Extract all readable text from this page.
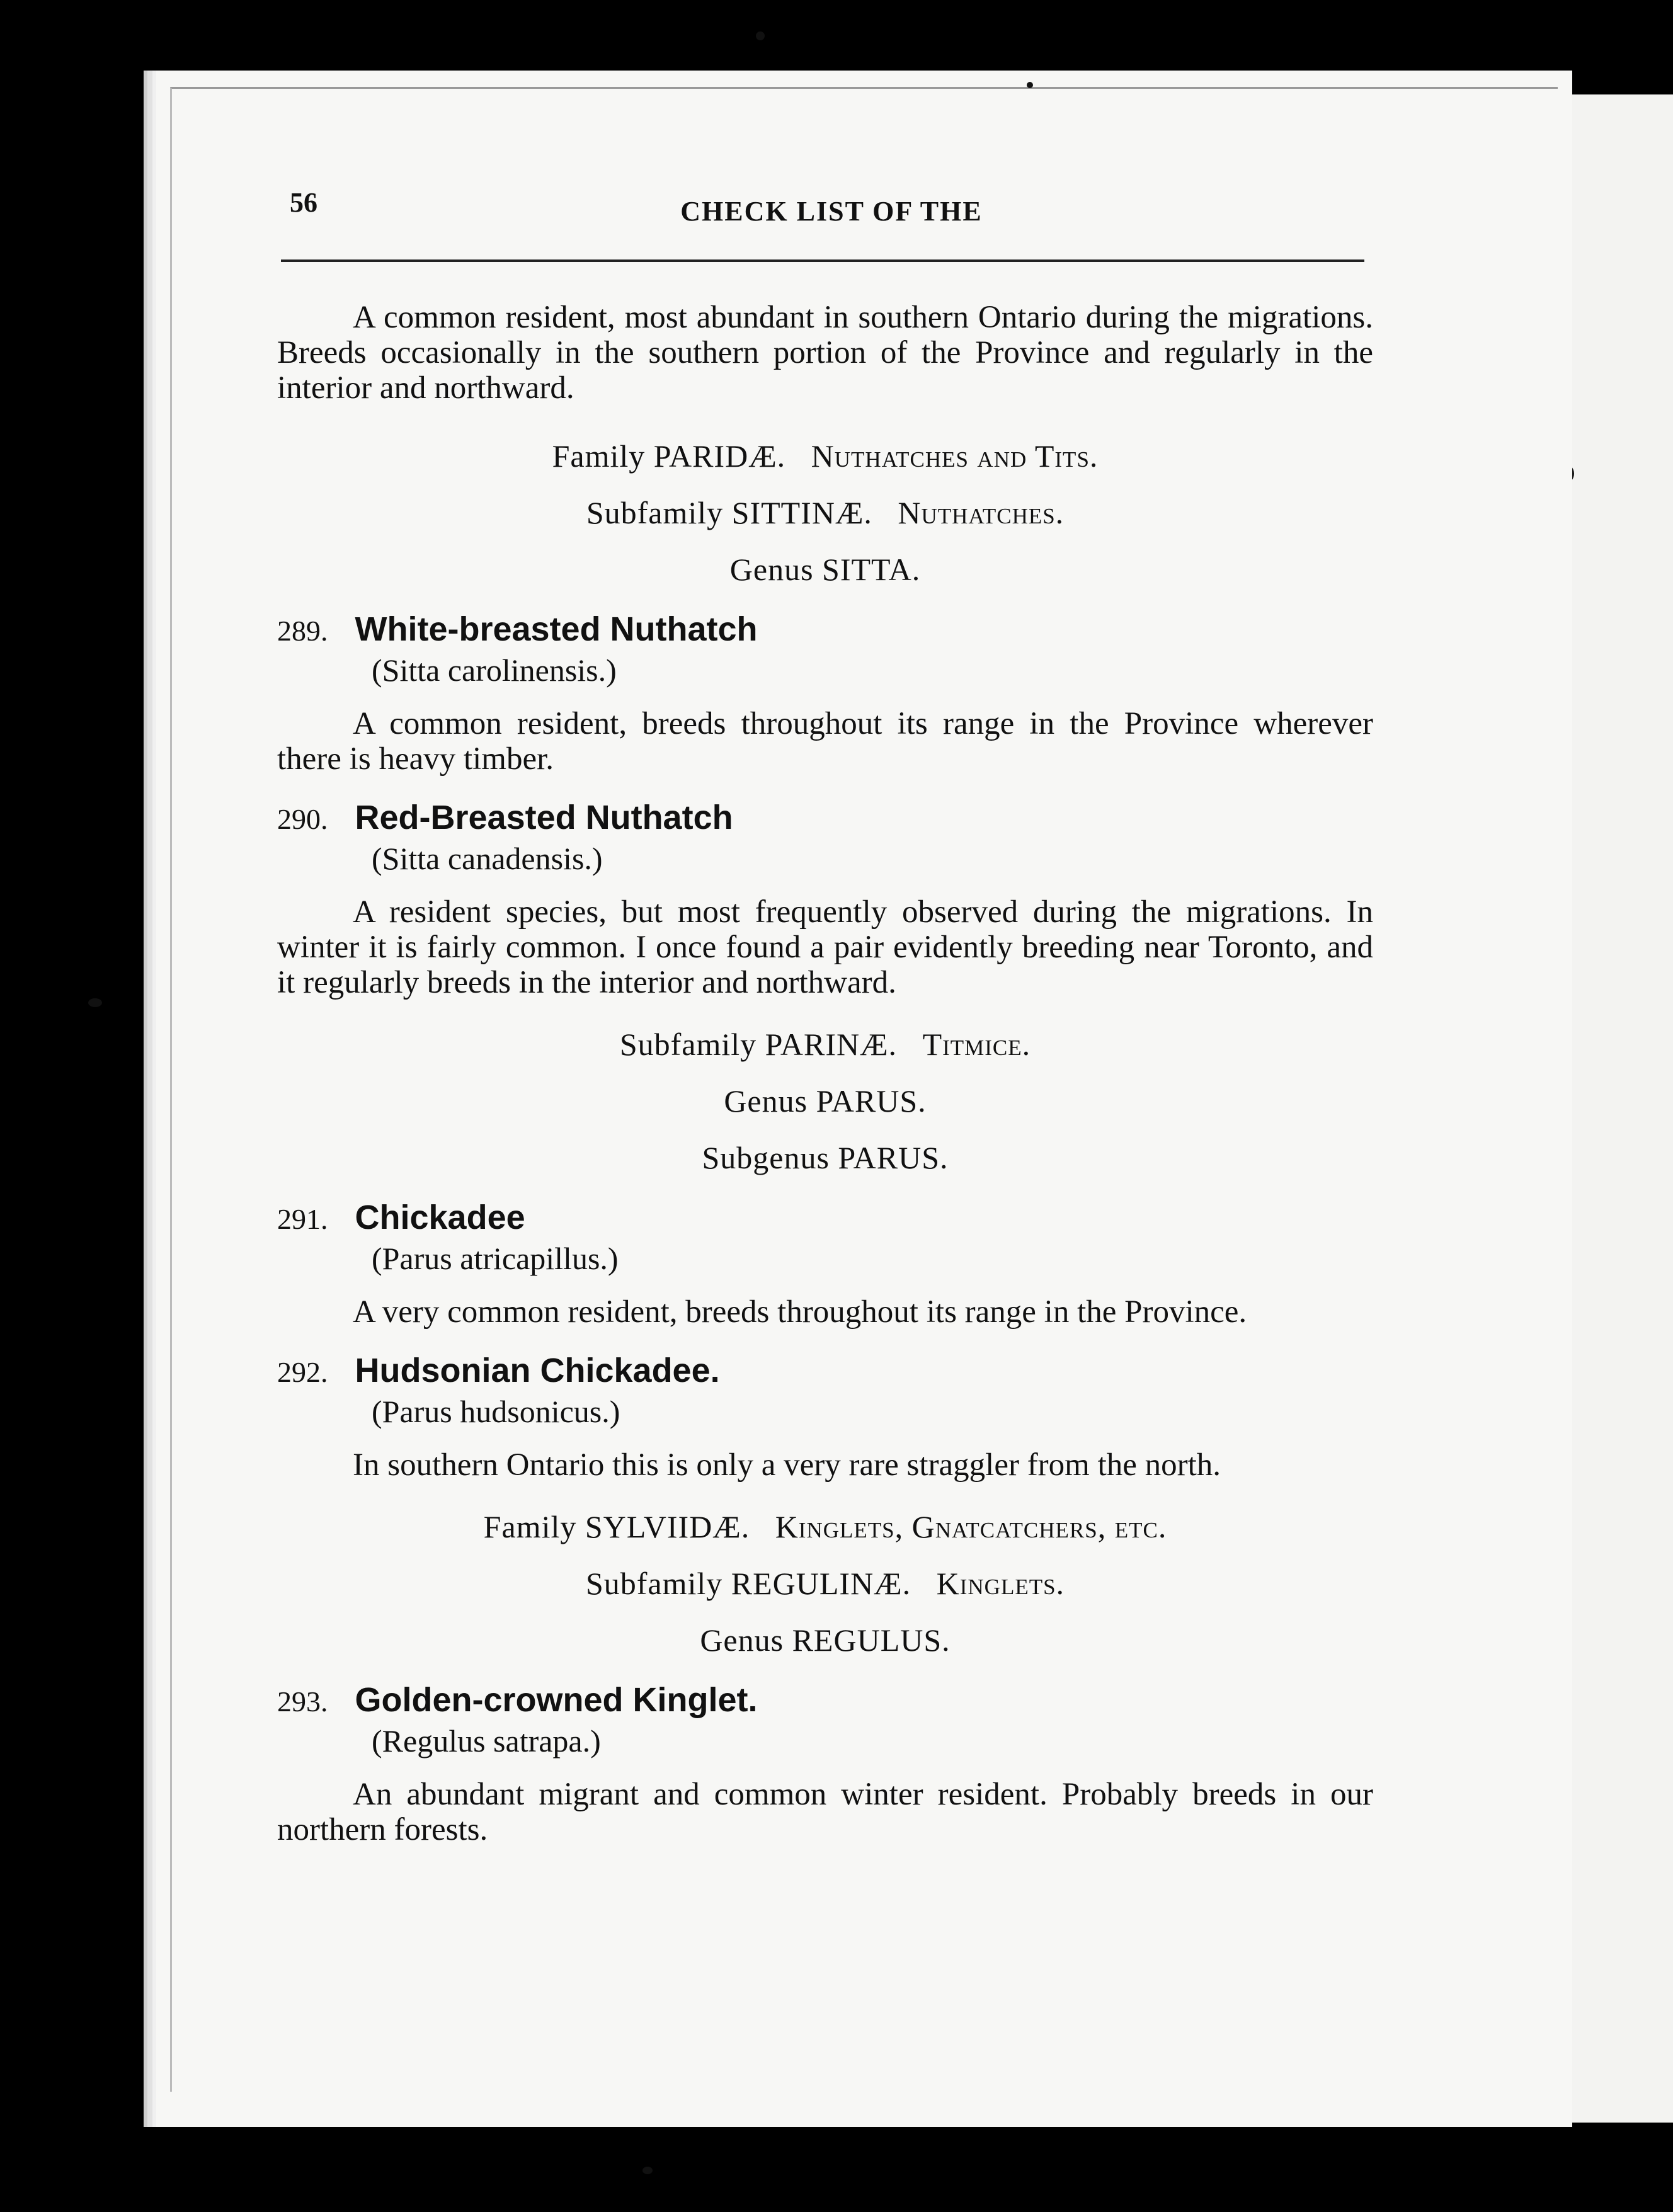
56	CHECK LIST OF THE

A common resident, most abundant in southern Ontario during the migrations. Breeds occasionally in the southern portion of the Province and regularly in the interior and northward.

Family PARIDÆ. Nuthatches and Tits.
Subfamily SITTINÆ. Nuthatches.
Genus SITTA.
289. White-breasted Nuthatch
(Sitta carolinensis.)

A common resident, breeds throughout its range in the Province wherever there is heavy timber.

290. Red-Breasted Nuthatch
(Sitta canadensis.)

A resident species, but most frequently observed during the migrations. In winter it is fairly common. I once found a pair evidently breeding near Toronto, and it regularly breeds in the interior and northward.

Subfamily PARINÆ. Titmice.
Genus PARUS.
Subgenus PARUS.
291. Chickadee
(Parus atricapillus.)

A very common resident, breeds throughout its range in the Province.

292. Hudsonian Chickadee.
(Parus hudsonicus.)

In southern Ontario this is only a very rare straggler from the north.

Family SYLVIIDÆ. Kinglets, Gnatcatchers, etc.
Subfamily REGULINÆ. Kinglets.
Genus REGULUS.
293. Golden-crowned Kinglet.
(Regulus satrapa.)

An abundant migrant and common winter resident. Probably breeds in our northern forests.
